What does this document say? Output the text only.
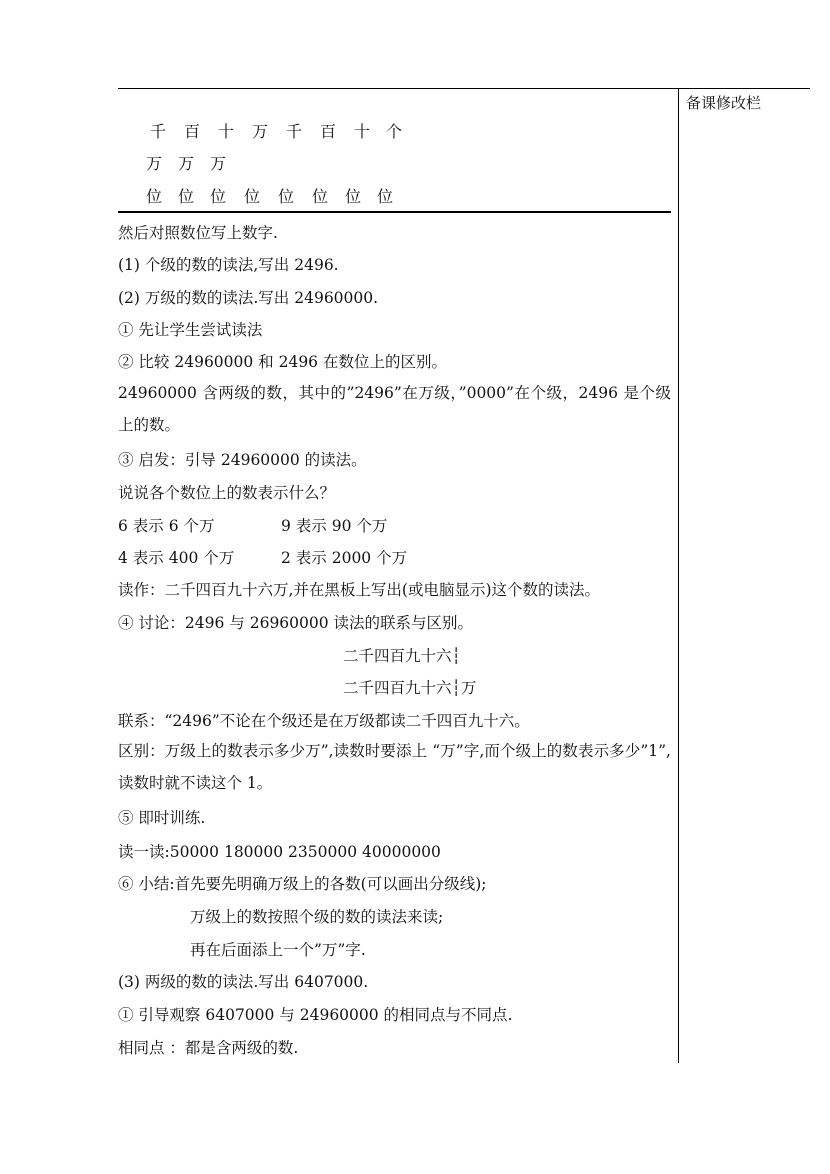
备课修改栏
千 百 十 万 千 百 十 个
万 万 万
位 位 位 位 位 位 位 位
然后对照数位写上数字.
(1) 个级的数的读法,写出 2496.
(2) 万级的数的读法.写出 24960000.
① 先让学生尝试读法
② 比较 24960000 和 2496 在数位上的区别。
24960000 含两级的数，其中的”2496”在万级，”0000”在个级，2496 是个级上的数。
③ 启发：引导 24960000 的读法。
说说各个数位上的数表示什么？
6 表示 6 个万	9 表示 90 个万
4 表示 400 个万	2 表示 2000 个万
读作：二千四百九十六万,并在黑板上写出(或电脑显示)这个数的读法。
④ 讨论：2496 与 26960000 读法的联系与区别。
二千四百九十六┆
二千四百九十六┆万
联系：“2496”不论在个级还是在万级都读二千四百九十六。
区别：万级上的数表示多少万”,读数时要添上 “万”字,而个级上的数表示多少”1”,读数时就不读这个 1。
⑤ 即时训练.
读一读:50000 180000 2350000 40000000
⑥ 小结:首先要先明确万级上的各数(可以画出分级线);
万级上的数按照个级的数的读法来读;
再在后面添上一个”万”字.
(3) 两级的数的读法.写出 6407000.
① 引导观察 6407000 与 24960000 的相同点与不同点.
相同点 ：都是含两级的数.
